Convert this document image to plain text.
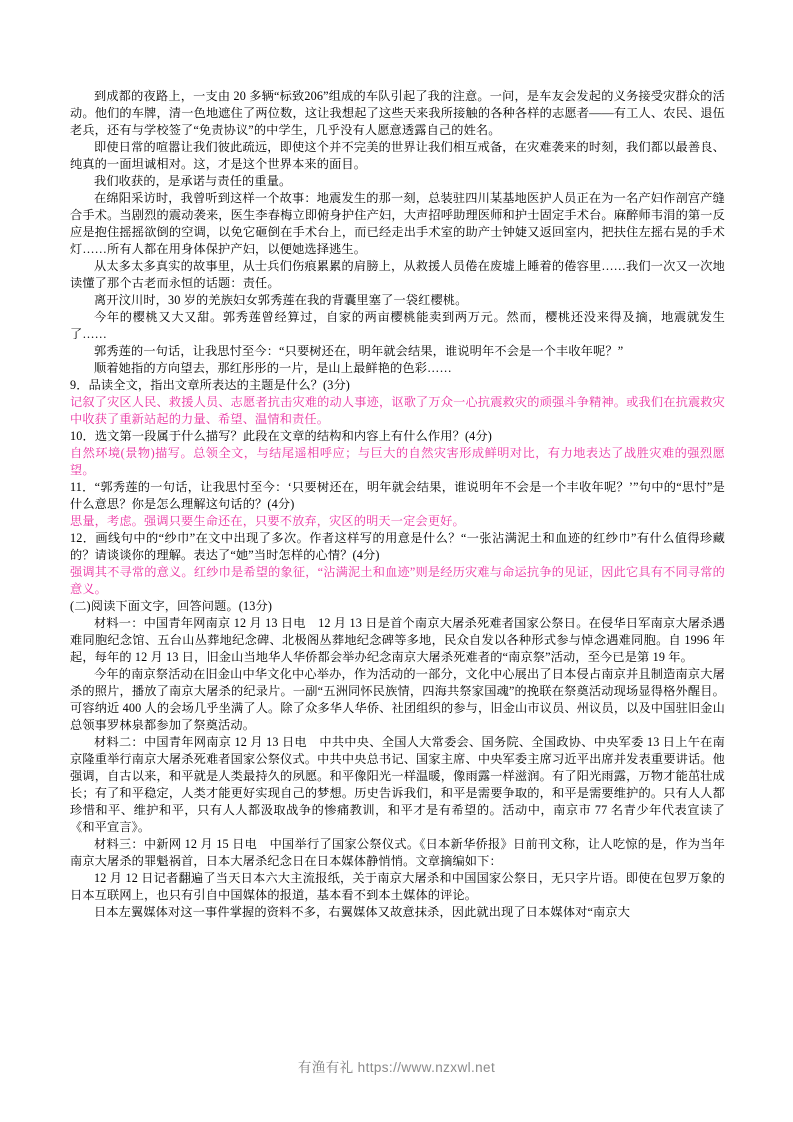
到成都的夜路上，一支由 20 多辆“标致206”组成的车队引起了我的注意。一问，是车友会发起的义务接受灾群众的活动。他们的车牌，清一色地遮住了两位数，这让我想起了这些天来我所接触的各种各样的志愿者——有工人、农民、退伍老兵，还有与学校签了“免责协议”的中学生，几乎没有人愿意透露自己的姓名。

即使日常的喧嚣让我们彼此疏远，即使这个并不完美的世界让我们相互戒备，在灾难袭来的时刻，我们都以最善良、纯真的一面坦诚相对。这，才是这个世界本来的面目。

我们收获的，是承诺与责任的重量。

在绵阳采访时，我曾听到这样一个故事：地震发生的那一刻，总装驻四川某基地医护人员正在为一名产妇作剖宫产缝合手术。当剧烈的震动袭来，医生李春梅立即俯身护住产妇，大声招呼助理医师和护士固定手术台。麻醉师韦涓的第一反应是抱住摇摇欲倒的空调，以免它砸倒在手术台上，而已经走出手术室的助产士钟婕又返回室内，把扶住左摇右晃的手术灯……所有人都在用身体保护产妇，以便她选择逃生。

从太多太多真实的故事里，从士兵们伤痕累累的肩膀上，从救援人员倦在废墟上睡着的倦容里……我们一次又一次地读懂了那个古老而永恒的话题：责任。

离开汶川时，30 岁的羌族妇女郭秀莲在我的背囊里塞了一袋红樱桃。

今年的樱桃又大又甜。郭秀莲曾经算过，自家的两亩樱桃能卖到两万元。然而，樱桃还没来得及摘，地震就发生了……

郭秀莲的一句话，让我思忖至今：“只要树还在，明年就会结果，谁说明年不会是一个丰收年呢？”

顺着她指的方向望去，那红彤彤的一片，是山上最鲜艳的色彩……

9．品读全文，指出文章所表达的主题是什么？(3分)

记叙了灾区人民、救援人员、志愿者抗击灾难的动人事迹，讴歌了万众一心抗震救灾的顽强斗争精神。或我们在抗震救灾中收获了重新站起的力量、希望、温情和责任。

10．选文第一段属于什么描写？此段在文章的结构和内容上有什么作用？(4分)

自然环境(景物)描写。总领全文，与结尾遥相呼应；与巨大的自然灾害形成鲜明对比，有力地表达了战胜灾难的强烈愿望。

11．“郭秀莲的一句话，让我思忖至今：‘只要树还在，明年就会结果，谁说明年不会是一个丰收年呢？’”句中的“思忖”是什么意思？你是怎么理解这句话的？(4分)

思量，考虑。强调只要生命还在，只要不放弃，灾区的明天一定会更好。

12．画线句中的“纱巾”在文中出现了多次。作者这样写的用意是什么？“一张沾满泥土和血迹的红纱巾”有什么值得珍藏的？请谈谈你的理解。表达了“她”当时怎样的心情？(4分)

强调其不寻常的意义。红纱巾是希望的象征，“沾满泥土和血迹”则是经历灾难与命运抗争的见证，因此它具有不同寻常的意义。

(二)阅读下面文字，回答问题。(13分)

材料一：中国青年网南京 12 月 13 日电　12 月 13 日是首个南京大屠杀死难者国家公祭日。在侵华日军南京大屠杀遇难同胞纪念馆、五台山丛葬地纪念碑、北极阁丛葬地纪念碑等多地，民众自发以各种形式参与悼念遇难同胞。自 1996 年起，每年的 12 月 13 日，旧金山当地华人华侨都会举办纪念南京大屠杀死难者的“南京祭”活动，至今已是第 19 年。

今年的南京祭活动在旧金山中华文化中心举办，作为活动的一部分，文化中心展出了日本侵占南京并且制造南京大屠杀的照片，播放了南京大屠杀的纪录片。一副“五洲同怀民族情，四海共祭家国魂”的挽联在祭奠活动现场显得格外醒目。可容纳近 400 人的会场几乎坐满了人。除了众多华人华侨、社团组织的参与，旧金山市议员、州议员，以及中国驻旧金山总领事罗林泉都参加了祭奠活动。

材料二：中国青年网南京 12 月 13 日电　中共中央、全国人大常委会、国务院、全国政协、中央军委 13 日上午在南京隆重举行南京大屠杀死难者国家公祭仪式。中共中央总书记、国家主席、中央军委主席习近平出席并发表重要讲话。他强调，自古以来，和平就是人类最持久的夙愿。和平像阳光一样温暖，像雨露一样滋润。有了阳光雨露，万物才能茁壮成长；有了和平稳定，人类才能更好实现自己的梦想。历史告诉我们，和平是需要争取的，和平是需要维护的。只有人人都珍惜和平、维护和平，只有人人都汲取战争的惨痛教训，和平才是有希望的。活动中，南京市 77 名青少年代表宣读了《和平宣言》。

材料三：中新网 12 月 15 日电　中国举行了国家公祭仪式。《日本新华侨报》日前刊文称，让人吃惊的是，作为当年南京大屠杀的罪魁祸首，日本大屠杀纪念日在日本媒体静悄悄。文章摘编如下：

12 月 12 日记者翻遍了当天日本六大主流报纸，关于南京大屠杀和中国国家公祭日，无只字片语。即使在包罗万象的日本互联网上，也只有引自中国媒体的报道，基本看不到本土媒体的评论。

日本左翼媒体对这一事件掌握的资料不多，右翼媒体又故意抹杀，因此就出现了日本媒体对“南京大

有渔有礼 https://www.nzxwl.net
